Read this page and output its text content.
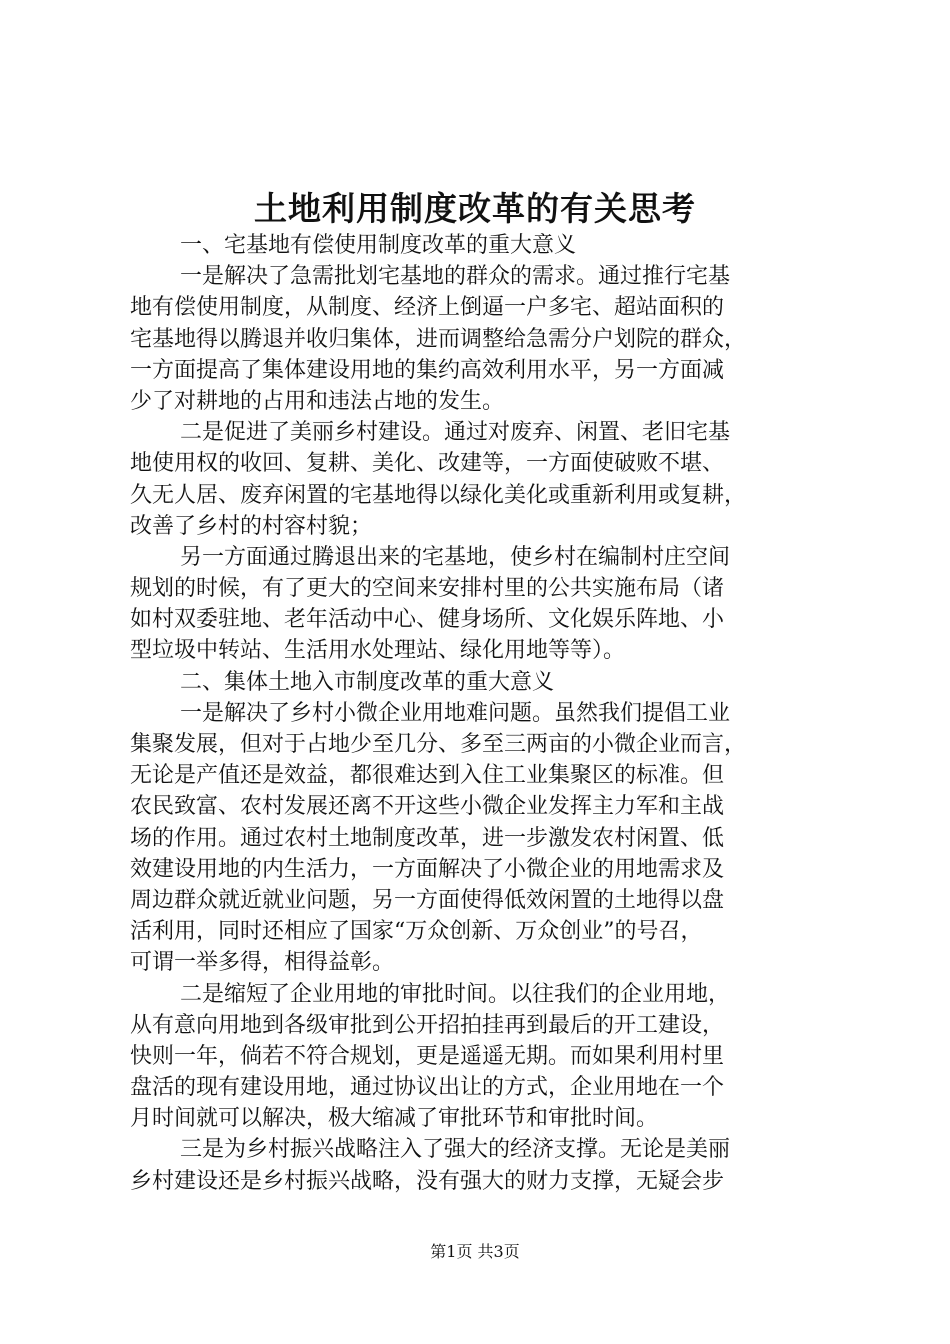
土地利用制度改革的有关思考
一、宅基地有偿使用制度改革的重大意义
一是解决了急需批划宅基地的群众的需求。通过推行宅基
地有偿使用制度，从制度、经济上倒逼一户多宅、超站面积的
宅基地得以腾退并收归集体，进而调整给急需分户划院的群众，
一方面提高了集体建设用地的集约高效利用水平，另一方面减
少了对耕地的占用和违法占地的发生。
二是促进了美丽乡村建设。通过对废弃、闲置、老旧宅基
地使用权的收回、复耕、美化、改建等，一方面使破败不堪、
久无人居、废弃闲置的宅基地得以绿化美化或重新利用或复耕，
改善了乡村的村容村貌；
另一方面通过腾退出来的宅基地，使乡村在编制村庄空间
规划的时候，有了更大的空间来安排村里的公共实施布局（诸
如村双委驻地、老年活动中心、健身场所、文化娱乐阵地、小
型垃圾中转站、生活用水处理站、绿化用地等等）。
二、集体土地入市制度改革的重大意义
一是解决了乡村小微企业用地难问题。虽然我们提倡工业
集聚发展，但对于占地少至几分、多至三两亩的小微企业而言，
无论是产值还是效益，都很难达到入住工业集聚区的标准。但
农民致富、农村发展还离不开这些小微企业发挥主力军和主战
场的作用。通过农村土地制度改革，进一步激发农村闲置、低
效建设用地的内生活力，一方面解决了小微企业的用地需求及
周边群众就近就业问题，另一方面使得低效闲置的土地得以盘
活利用，同时还相应了国家“万众创新、万众创业”的号召，
可谓一举多得，相得益彰。
二是缩短了企业用地的审批时间。以往我们的企业用地，
从有意向用地到各级审批到公开招拍挂再到最后的开工建设，
快则一年，倘若不符合规划，更是遥遥无期。而如果利用村里
盘活的现有建设用地，通过协议出让的方式，企业用地在一个
月时间就可以解决，极大缩减了审批环节和审批时间。
三是为乡村振兴战略注入了强大的经济支撑。无论是美丽
乡村建设还是乡村振兴战略，没有强大的财力支撑，无疑会步
第1页 共3页
